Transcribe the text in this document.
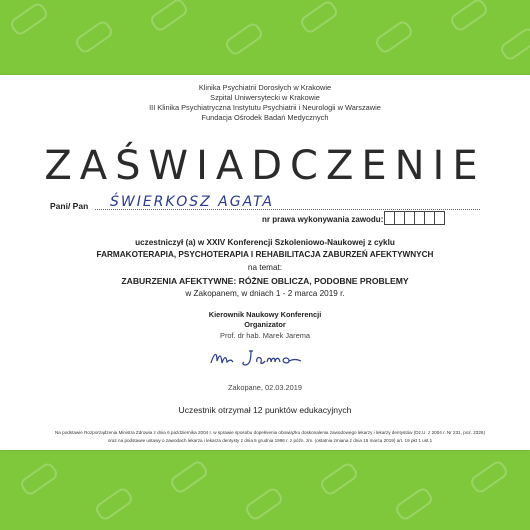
Klinika Psychiatrii Dorosłych w Krakowie
Szpital Uniwersytecki w Krakowie
III Klinika Psychiatryczna Instytutu Psychiatrii i Neurologii w Warszawie
Fundacja Ośrodek Badań Medycznych
ZAŚWIADCZENIE
Pani/ Pan ŚWIERKOSZ AGATA
nr prawa wykonywania zawodu:
uczestniczył (a) w XXIV Konferencji Szkoleniowo-Naukowej z cyklu
FARMAKOTERAPIA, PSYCHOTERAPIA I REHABILITACJA ZABURZEŃ AFEKTYWNYCH
na temat:
ZABURZENIA AFEKTYWNE: RÓŻNE OBLICZA, PODOBNE PROBLEMY
w Zakopanem, w dniach 1 - 2 marca 2019 r.
Kierownik Naukowy Konferencji
Organizator
Prof. dr hab. Marek Jarema
Zakopane, 02.03.2019
Uczestnik otrzymał 12 punktów edukacyjnych
Na podstawie Rozporządzenia Ministra Zdrowia z dnia 6 października 2004 r. w sprawie sposobu dopełnienia obowiązku doskonalenia zawodowego lekarzy i lekarzy dentystów (Dz.U. z 2004 r. Nr 231, poz. 2326)
oraz na podstawie ustawy o zawodach lekarza i lekarza dentysty z dnia 5 grudnia 1996 r. z późn. zm. (ostatnia zmiana z dnia 15 marca 2019) art. 19 pkt 1 ust.1
